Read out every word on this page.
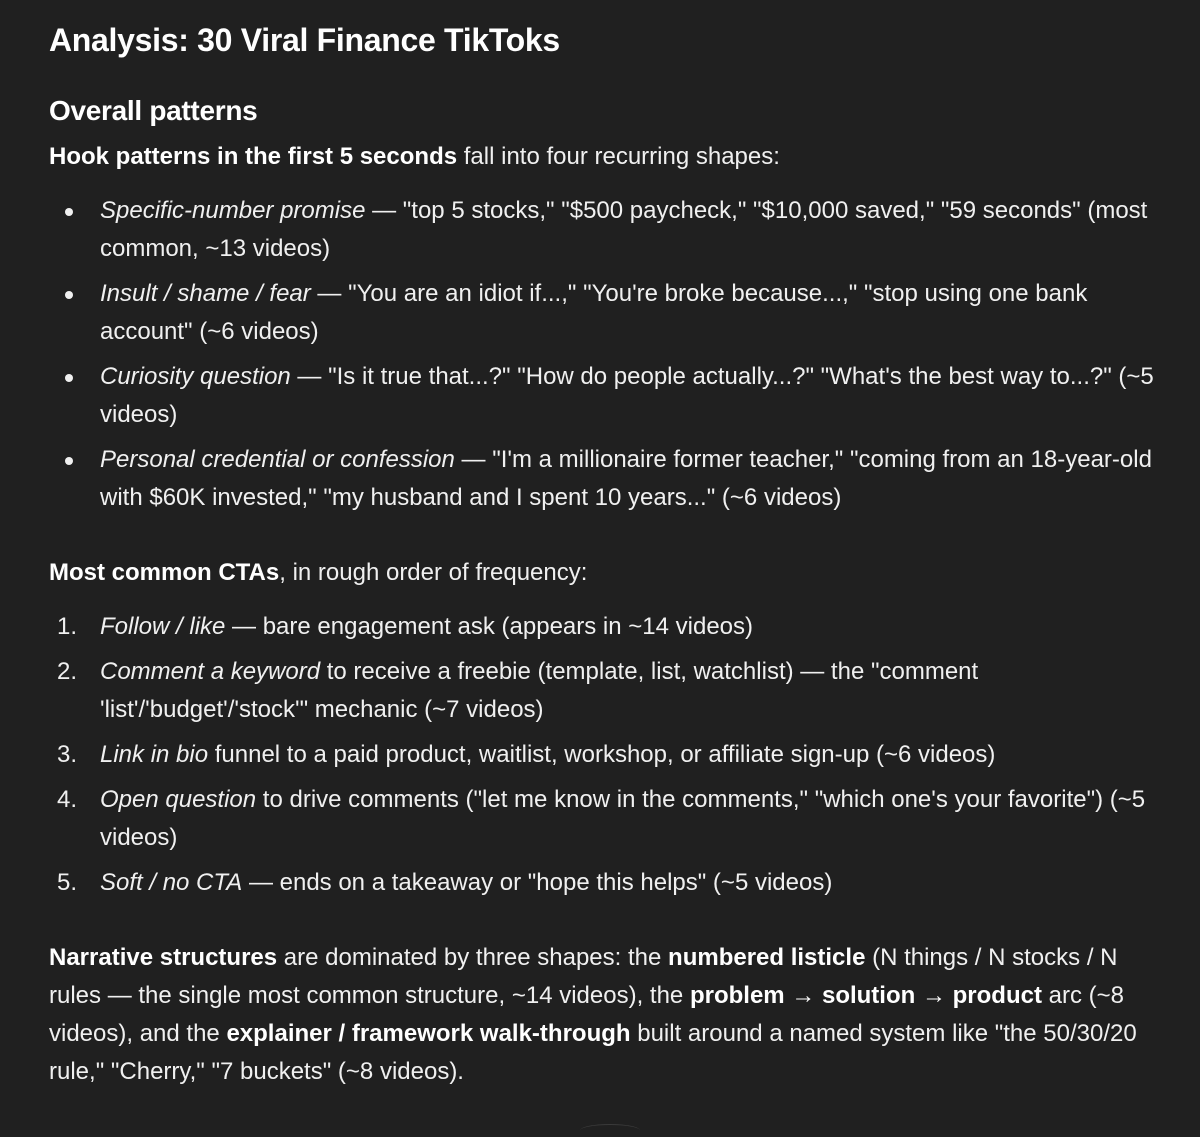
Analysis: 30 Viral Finance TikToks
Overall patterns

Hook patterns in the first 5 seconds fall into four recurring shapes:

Specific-number promise — "top 5 stocks," "$500 paycheck," "$10,000 saved," "59 seconds" (most common, ~13 videos)
Insult / shame / fear — "You are an idiot if...," "You're broke because...," "stop using one bank account" (~6 videos)
Curiosity question — "Is it true that...?" "How do people actually...?" "What's the best way to...?" (~5 videos)
Personal credential or confession — "I'm a millionaire former teacher," "coming from an 18-year-old with $60K invested," "my husband and I spent 10 years..." (~6 videos)

Most common CTAs, in rough order of frequency:

1. Follow / like — bare engagement ask (appears in ~14 videos)
2. Comment a keyword to receive a freebie (template, list, watchlist) — the "comment 'list'/'budget'/'stock'" mechanic (~7 videos)
3. Link in bio funnel to a paid product, waitlist, workshop, or affiliate sign-up (~6 videos)
4. Open question to drive comments ("let me know in the comments," "which one's your favorite") (~5 videos)
5. Soft / no CTA — ends on a takeaway or "hope this helps" (~5 videos)

Narrative structures are dominated by three shapes: the numbered listicle (N things / N stocks / N rules — the single most common structure, ~14 videos), the problem → solution → product arc (~8 videos), and the explainer / framework walk-through built around a named system like "the 50/30/20 rule," "Cherry," "7 buckets" (~8 videos).
